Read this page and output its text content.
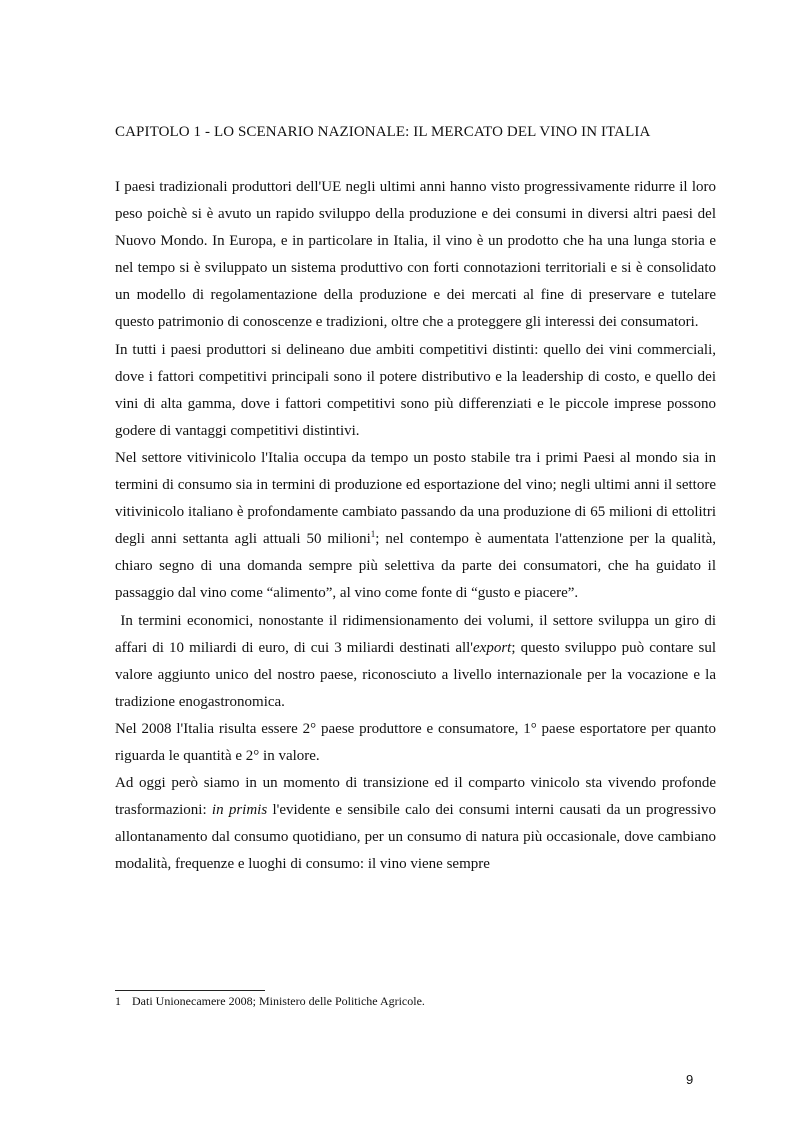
CAPITOLO 1 - LO SCENARIO NAZIONALE: IL MERCATO DEL VINO IN ITALIA

I paesi tradizionali produttori dell'UE negli ultimi anni hanno visto progressivamente ridurre il loro peso poichè si è avuto un rapido sviluppo della produzione e dei consumi in diversi altri paesi del Nuovo Mondo. In Europa, e in particolare in Italia, il vino è un prodotto che ha una lunga storia e nel tempo si è sviluppato un sistema produttivo con forti connotazioni territoriali e si è consolidato un modello di regolamentazione della produzione e dei mercati al fine di preservare e tutelare questo patrimonio di conoscenze e tradizioni, oltre che a proteggere gli interessi dei consumatori.

In tutti i paesi produttori si delineano due ambiti competitivi distinti: quello dei vini commerciali, dove i fattori competitivi principali sono il potere distributivo e la leadership di costo, e quello dei vini di alta gamma, dove i fattori competitivi sono più differenziati e le piccole imprese possono godere di vantaggi competitivi distintivi.

Nel settore vitivinicolo l'Italia occupa da tempo un posto stabile tra i primi Paesi al mondo sia in termini di consumo sia in termini di produzione ed esportazione del vino; negli ultimi anni il settore vitivinicolo italiano è profondamente cambiato passando da una produzione di 65 milioni di ettolitri degli anni settanta agli attuali 50 milioni$^1$; nel contempo è aumentata l'attenzione per la qualità, chiaro segno di una domanda sempre più selettiva da parte dei consumatori, che ha guidato il passaggio dal vino come “alimento”, al vino come fonte di “gusto e piacere”.

In termini economici, nonostante il ridimensionamento dei volumi, il settore sviluppa un giro di affari di 10 miliardi di euro, di cui 3 miliardi destinati all'export; questo sviluppo può contare sul valore aggiunto unico del nostro paese, riconosciuto a livello internazionale per la vocazione e la tradizione enogastronomica.

Nel 2008 l'Italia risulta essere 2° paese produttore e consumatore, 1° paese esportatore per quanto riguarda le quantità e 2° in valore.

Ad oggi però siamo in un momento di transizione ed il comparto vinicolo sta vivendo profonde trasformazioni: in primis l'evidente e sensibile calo dei consumi interni causati da un progressivo allontanamento dal consumo quotidiano, per un consumo di natura più occasionale, dove cambiano modalità, frequenze e luoghi di consumo: il vino viene sempre

1 Dati Unionecamere 2008; Ministero delle Politiche Agricole.
9
